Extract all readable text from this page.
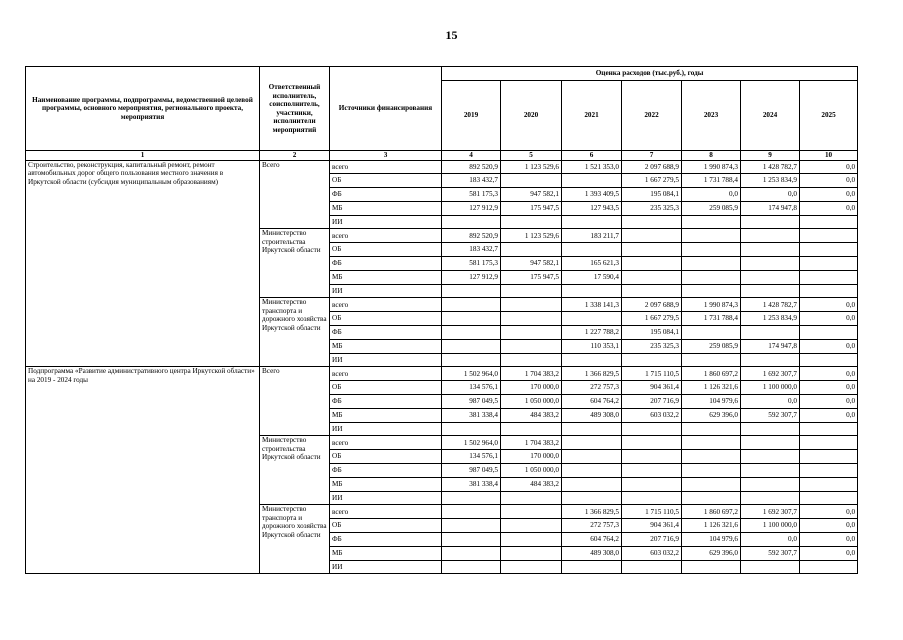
15
Наименование программы, подпрограммы, ведомственной целевой программы, основного мероприятия, регионального проекта, мероприятия	Ответственный исполнитель, соисполнитель, участники, исполнители мероприятий	Источники финансирования	Оценка расходов (тыс.руб.), годы						
			2019	2020	2021	2022	2023	2024	2025
1	2	3	4	5	6	7	8	9	10
Строительство, реконструкция, капитальный ремонт, ремонт автомобильных дорог общего пользования местного значения в Иркутской области (субсидия муниципальным образованиям)	Всего	всего	892 520,9	1 123 529,6	1 521 353,0	2 097 688,9	1 990 874,3	1 428 782,7	0,0
		ОБ	183 432,7			1 667 279,5	1 731 788,4	1 253 834,9	0,0
		ФБ	581 175,3	947 582,1	1 393 409,5	195 084,1	0,0	0,0	0,0
		МБ	127 912,9	175 947,5	127 943,5	235 325,3	259 085,9	174 947,8	0,0
		ИИ							
	Министерство строительства Иркутской области	всего	892 520,9	1 123 529,6	183 211,7				
		ОБ	183 432,7						
		ФБ	581 175,3	947 582,1	165 621,3				
		МБ	127 912,9	175 947,5	17 590,4				
		ИИ							
	Министерство транспорта и дорожного хозяйства Иркутской области	всего			1 338 141,3	2 097 688,9	1 990 874,3	1 428 782,7	0,0
		ОБ				1 667 279,5	1 731 788,4	1 253 834,9	0,0
		ФБ			1 227 788,2	195 084,1			
		МБ			110 353,1	235 325,3	259 085,9	174 947,8	0,0
		ИИ							
Подпрограмма «Развитие административного центра Иркутской области» на 2019 - 2024 годы	Всего	всего	1 502 964,0	1 704 383,2	1 366 829,5	1 715 110,5	1 860 697,2	1 692 307,7	0,0
		ОБ	134 576,1	170 000,0	272 757,3	904 361,4	1 126 321,6	1 100 000,0	0,0
		ФБ	987 049,5	1 050 000,0	604 764,2	207 716,9	104 979,6	0,0	0,0
		МБ	381 338,4	484 383,2	489 308,0	603 032,2	629 396,0	592 307,7	0,0
		ИИ							
	Министерство строительства Иркутской области	всего	1 502 964,0	1 704 383,2					
		ОБ	134 576,1	170 000,0					
		ФБ	987 049,5	1 050 000,0					
		МБ	381 338,4	484 383,2					
		ИИ							
	Министерство транспорта и дорожного хозяйства Иркутской области	всего			1 366 829,5	1 715 110,5	1 860 697,2	1 692 307,7	0,0
		ОБ			272 757,3	904 361,4	1 126 321,6	1 100 000,0	0,0
		ФБ			604 764,2	207 716,9	104 979,6	0,0	0,0
		МБ			489 308,0	603 032,2	629 396,0	592 307,7	0,0
		ИИ							
